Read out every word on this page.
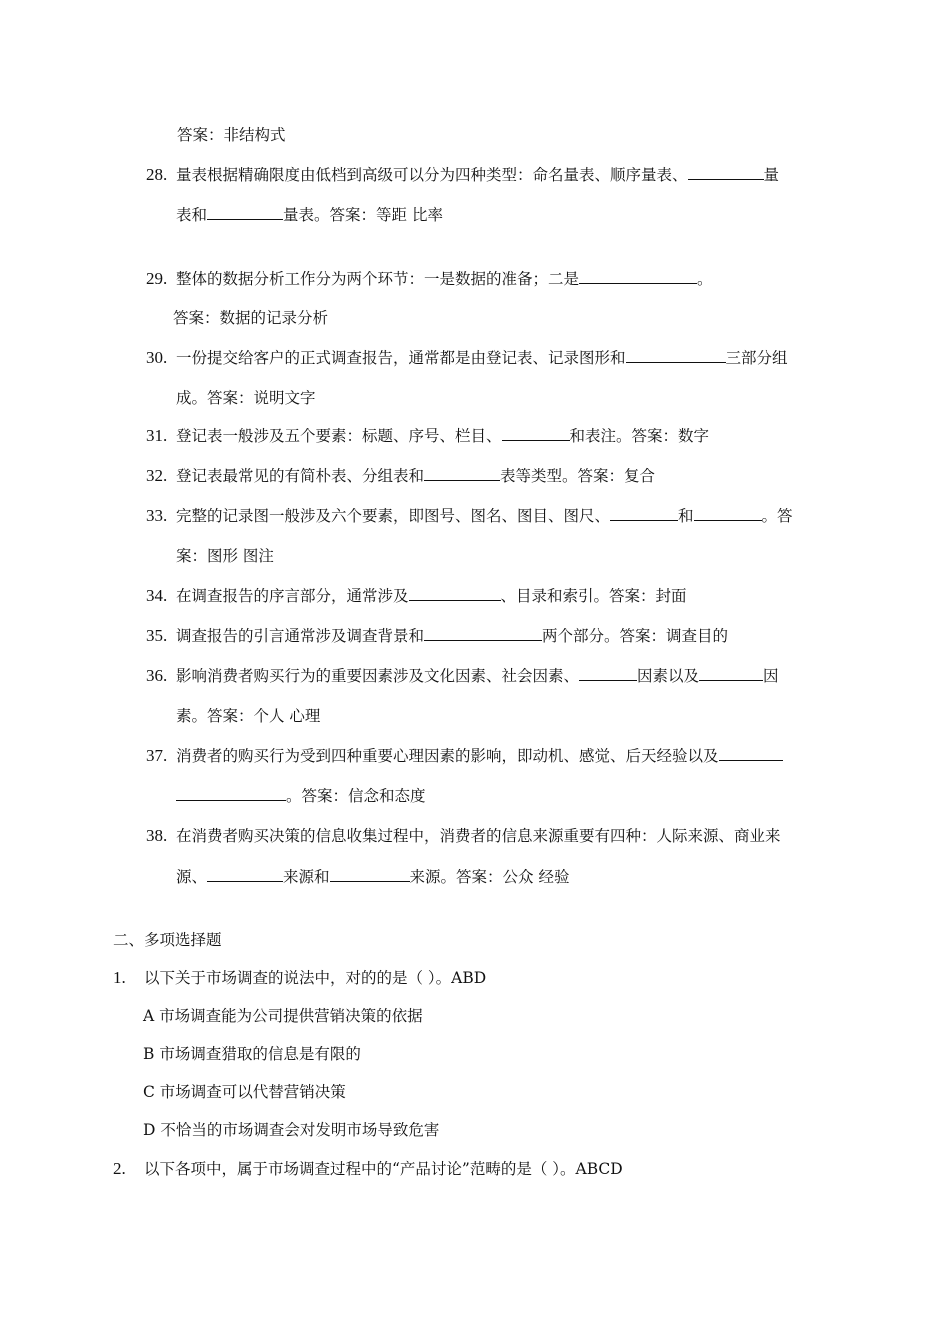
答案：非结构式
28. 量表根据精确限度由低档到高级可以分为四种类型：命名量表、顺序量表、	量
表和	量表。答案：等距 比率
29. 整体的数据分析工作分为两个环节：一是数据的准备；二是	。
答案：数据的记录分析
30. 一份提交给客户的正式调查报告，通常都是由登记表、记录图形和	三部分组
成。答案：说明文字
31. 登记表一般涉及五个要素：标题、序号、栏目、	和表注。答案：数字
32. 登记表最常见的有简朴表、分组表和	表等类型。答案：复合
33. 完整的记录图一般涉及六个要素，即图号、图名、图目、图尺、	和	。答
案：图形 图注
34. 在调查报告的序言部分，通常涉及	、目录和索引。答案：封面
35. 调查报告的引言通常涉及调查背景和	两个部分。答案：调查目的
36. 影响消费者购买行为的重要因素涉及文化因素、社会因素、	因素以及	因
素。答案：个人 心理
37. 消费者的购买行为受到四种重要心理因素的影响，即动机、感觉、后天经验以及
。答案：信念和态度
38. 在消费者购买决策的信息收集过程中，消费者的信息来源重要有四种：人际来源、商业来
源、	来源和	来源。答案：公众 经验
二、多项选择题
1. 以下关于市场调查的说法中，对的的是（ ）。ABD
A 市场调查能为公司提供营销决策的依据
B 市场调查猎取的信息是有限的
C 市场调查可以代替营销决策
D 不恰当的市场调查会对发明市场导致危害
2. 以下各项中，属于市场调查过程中的“产品讨论”范畴的是（ ）。ABCD
